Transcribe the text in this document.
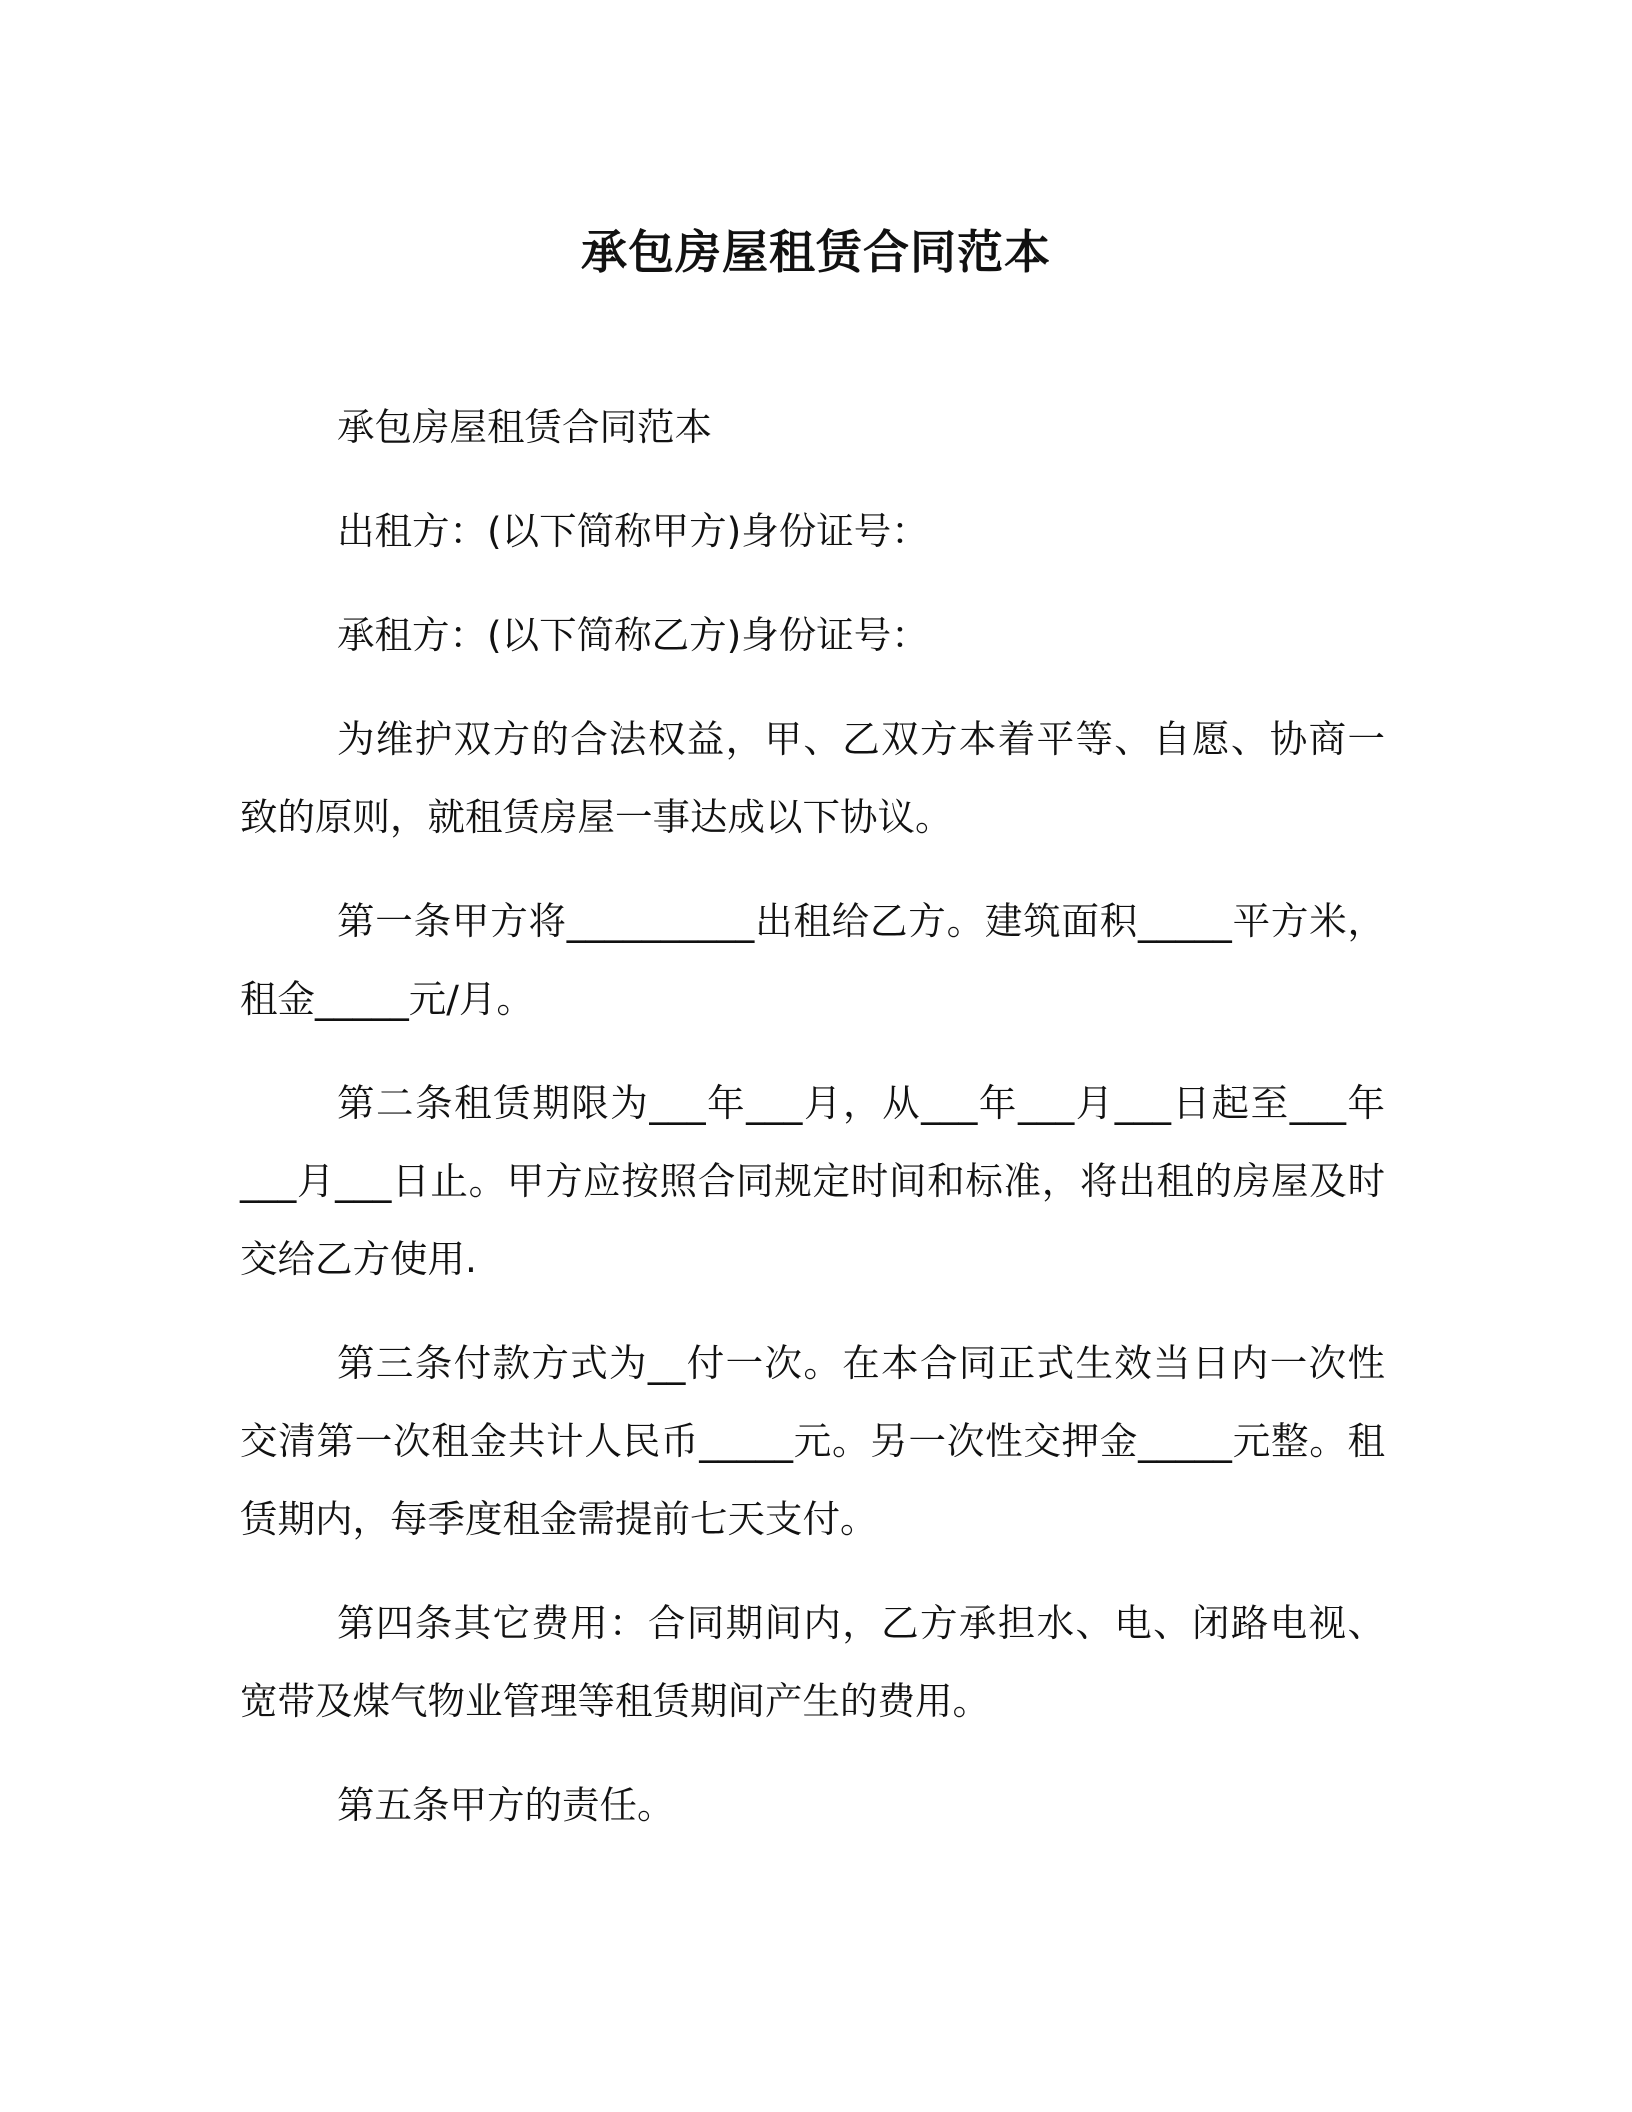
承包房屋租赁合同范本

承包房屋租赁合同范本

出租方：(以下简称甲方)身份证号：

承租方：(以下简称乙方)身份证号：

为维护双方的合法权益，甲、乙双方本着平等、自愿、协商一致的原则，就租赁房屋一事达成以下协议。

第一条甲方将__________出租给乙方。建筑面积_____平方米，租金_____元/月。

第二条租赁期限为___年___月，从___年___月___日起至___年___月___日止。甲方应按照合同规定时间和标准，将出租的房屋及时交给乙方使用.

第三条付款方式为__付一次。在本合同正式生效当日内一次性交清第一次租金共计人民币_____元。另一次性交押金_____元整。租赁期内，每季度租金需提前七天支付。

第四条其它费用：合同期间内，乙方承担水、电、闭路电视、宽带及煤气物业管理等租赁期间产生的费用。

第五条甲方的责任。
